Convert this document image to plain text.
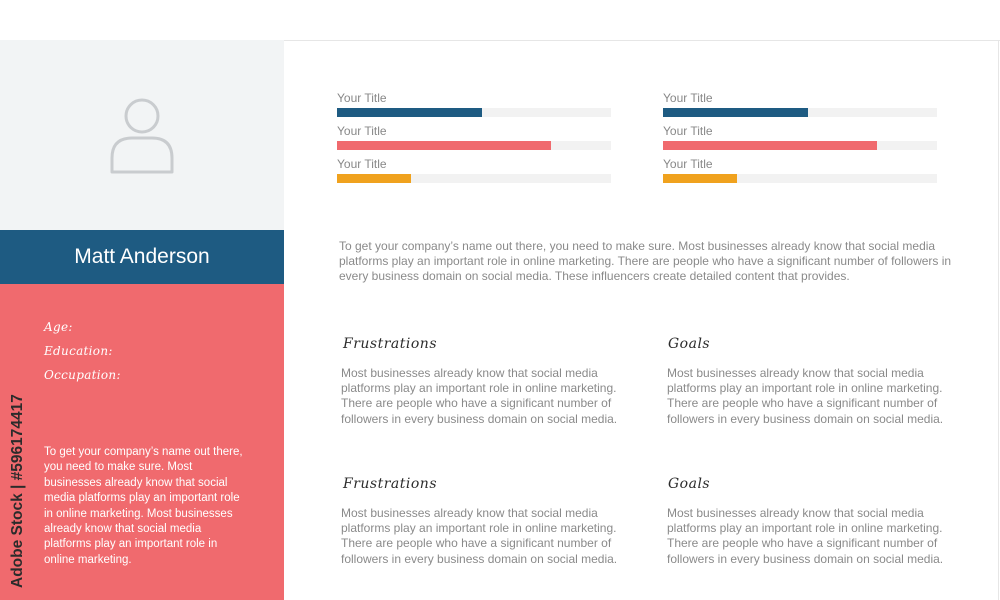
Matt Anderson
Age:
Education:
Occupation:
To get your company’s name out there, you need to make sure. Most businesses already know that social media platforms play an important role in online marketing. Most businesses already know that social media platforms play an important role in online marketing.
Adobe Stock | #596174417
Your Title
Your Title
Your Title
Your Title
Your Title
Your Title
To get your company’s name out there, you need to make sure. Most businesses already know that social media platforms play an important role in online marketing. There are people who have a significant number of followers in every business domain on social media. These influencers create detailed content that provides.
Frustrations
Most businesses already know that social media platforms play an important role in online marketing. There are people who have a significant number of followers in every business domain on social media.
Goals
Most businesses already know that social media platforms play an important role in online marketing. There are people who have a significant number of followers in every business domain on social media.
Frustrations
Most businesses already know that social media platforms play an important role in online marketing. There are people who have a significant number of followers in every business domain on social media.
Goals
Most businesses already know that social media platforms play an important role in online marketing. There are people who have a significant number of followers in every business domain on social media.
